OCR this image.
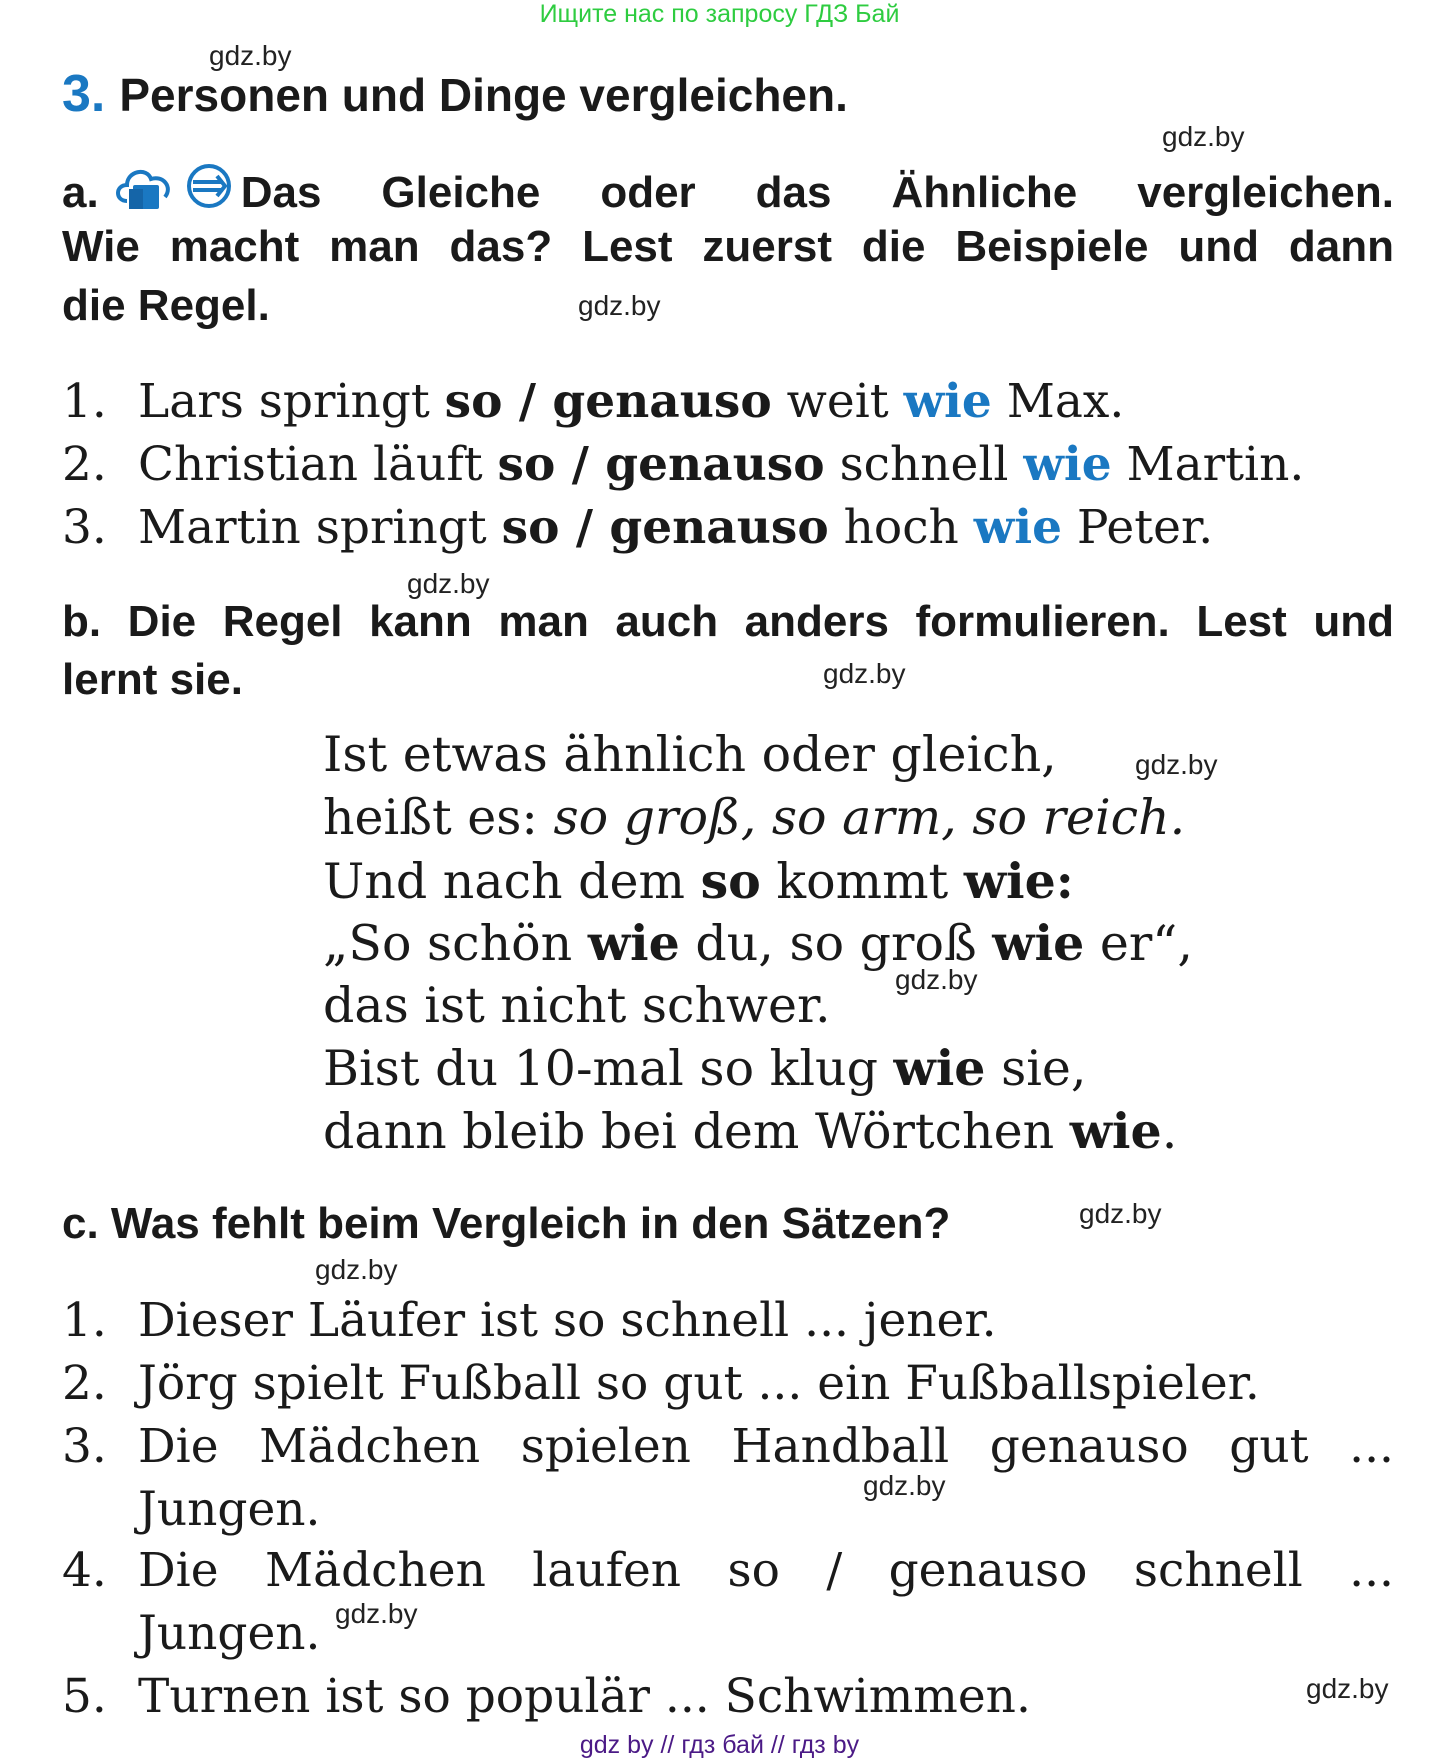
Ищите нас по запросу ГДЗ Бай
gdz.by
gdz.by
gdz.by
gdz.by
gdz.by
gdz.by
gdz.by
gdz.by
gdz.by
gdz.by
gdz.by
gdz.by
3. Personen und Dinge vergleichen.
a.	Das Gleiche oder das Ähnliche vergleichen.
Wie macht man das? Lest zuerst die Beispiele und dann
die Regel.
1. Lars springt so / genauso weit wie Max.
2. Christian läuft so / genauso schnell wie Martin.
3. Martin springt so / genauso hoch wie Peter.
b. Die Regel kann man auch anders formulieren. Lest und
lernt sie.
Ist etwas ähnlich oder gleich,
heißt es: so groß, so arm, so reich.
Und nach dem so kommt wie:
„So schön wie du, so groß wie er“,
das ist nicht schwer.
Bist du 10-mal so klug wie sie,
dann bleib bei dem Wörtchen wie.
c. Was fehlt beim Vergleich in den Sätzen?
1. Dieser Läufer ist so schnell ... jener.
2. Jörg spielt Fußball so gut ... ein Fußballspieler.
3. Die Mädchen spielen Handball genauso gut ...
Jungen.
4. Die Mädchen laufen so / genauso schnell ...
Jungen.
5. Turnen ist so populär ... Schwimmen.
gdz by // гдз бай // гдз by
